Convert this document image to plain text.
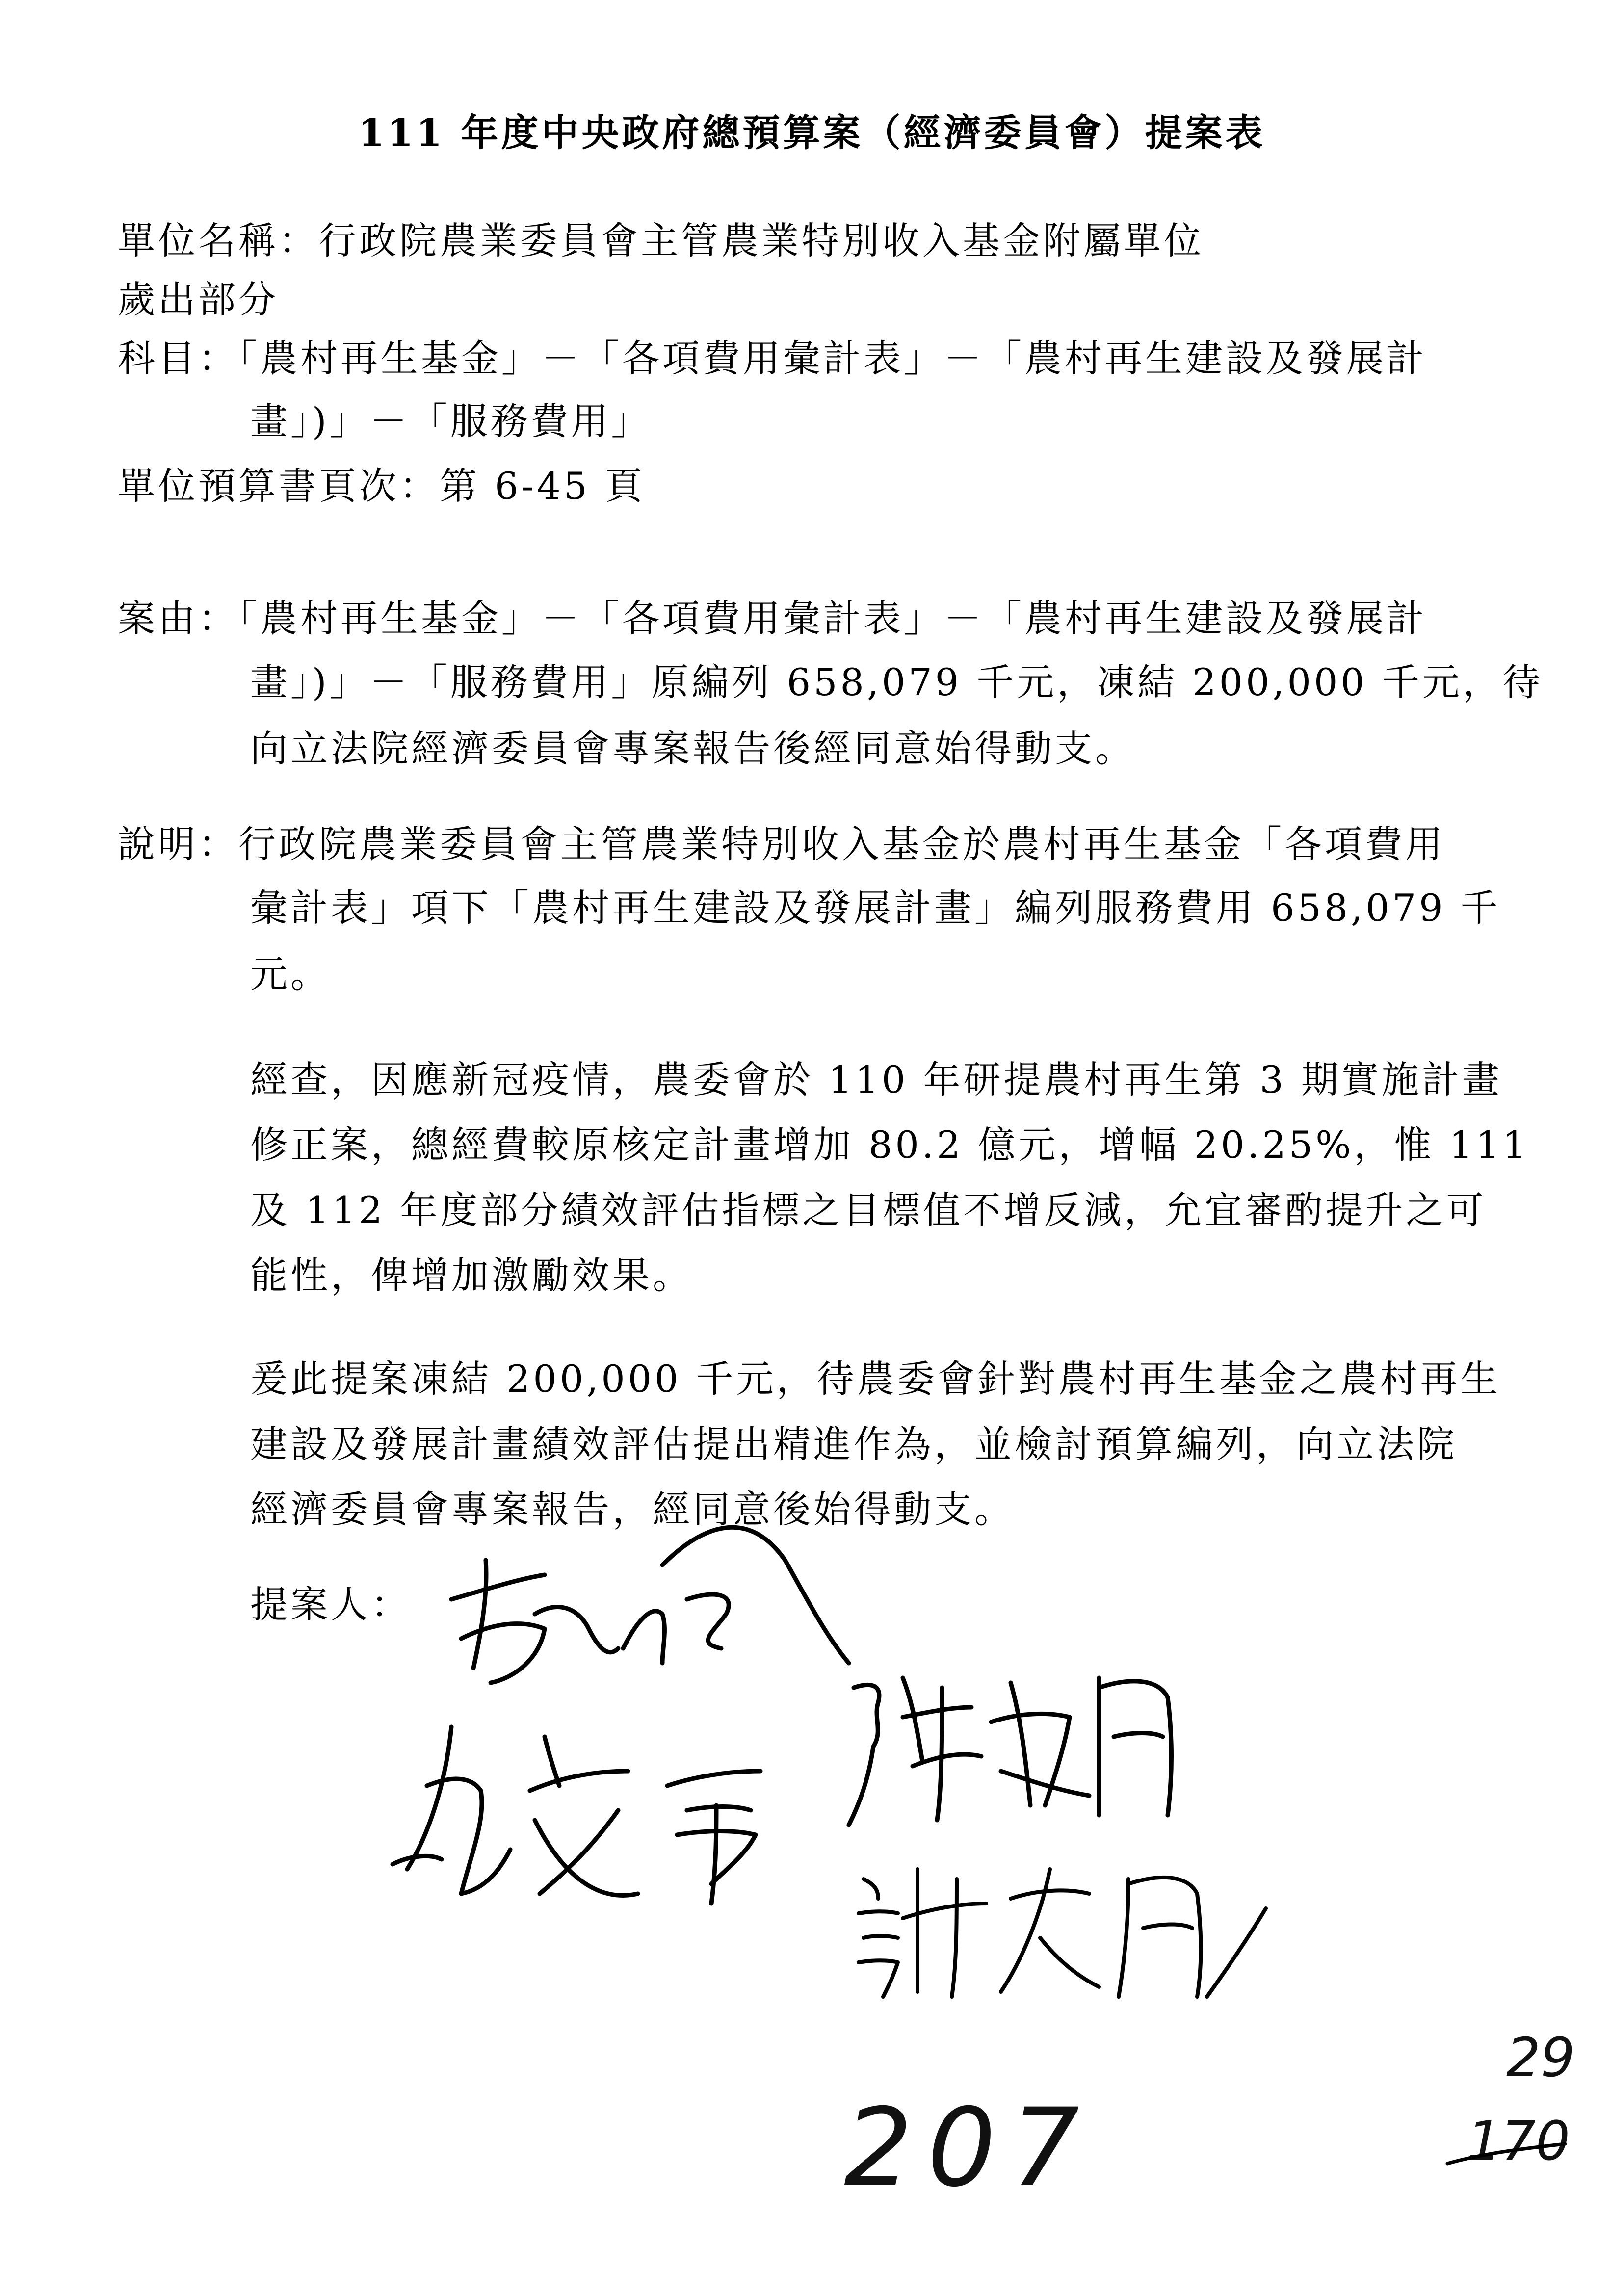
111 年度中央政府總預算案（經濟委員會）提案表
單位名稱：行政院農業委員會主管農業特別收入基金附屬單位
歲出部分
科目：「農村再生基金」－「各項費用彙計表」－「農村再生建設及發展計
畫」)」－「服務費用」
單位預算書頁次：第 6-45 頁
案由：「農村再生基金」－「各項費用彙計表」－「農村再生建設及發展計
畫」)」－「服務費用」原編列 658,079 千元，凍結 200,000 千元，待
向立法院經濟委員會專案報告後經同意始得動支。
說明：行政院農業委員會主管農業特別收入基金於農村再生基金「各項費用
彙計表」項下「農村再生建設及發展計畫」編列服務費用 658,079 千
元。
經查，因應新冠疫情，農委會於 110 年研提農村再生第 3 期實施計畫
修正案，總經費較原核定計畫增加 80.2 億元，增幅 20.25%，惟 111
及 112 年度部分績效評估指標之目標值不增反減，允宜審酌提升之可
能性，俾增加激勵效果。
爰此提案凍結 200,000 千元，待農委會針對農村再生基金之農村再生
建設及發展計畫績效評估提出精進作為，並檢討預算編列，向立法院
經濟委員會專案報告，經同意後始得動支。
提案人：
207
29
170
